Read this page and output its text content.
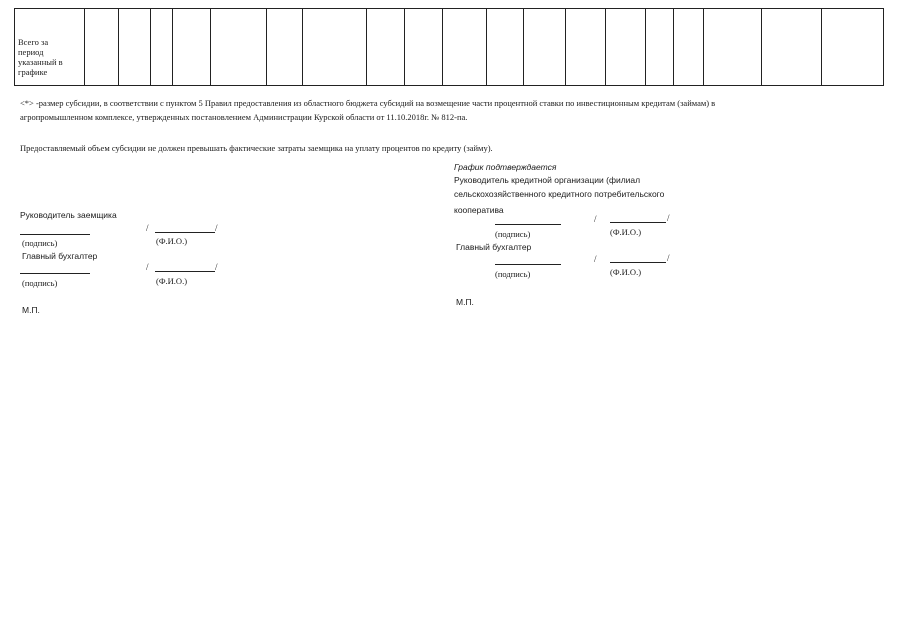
Всего за
период
указанный в
графике

<*> -размер субсидии, в соответствии с пунктом 5 Правил предоставления из областного бюджета субсидий на возмещение части процентной ставки по инвестиционным кредитам (займам) в
агропромышленном комплексе, утвержденных постановлением Администрации Курской области от 11.10.2018г. № 812-па.
Предоставляемый объем субсидии не должен превышать фактические затраты заемщика на уплату процентов по кредиту (займу).
Руководитель заемщика
/	/
(подпись)	(Ф.И.О.)
Главный бухгалтер
/	/
(подпись)	(Ф.И.О.)
М.П.
График подтверждается
Руководитель кредитной организации (филиал
сельскохозяйственного кредитного потребительского
кооператива
/	/
(подпись)	(Ф.И.О.)
Главный бухгалтер
/	/
(подпись)	(Ф.И.О.)
М.П.
